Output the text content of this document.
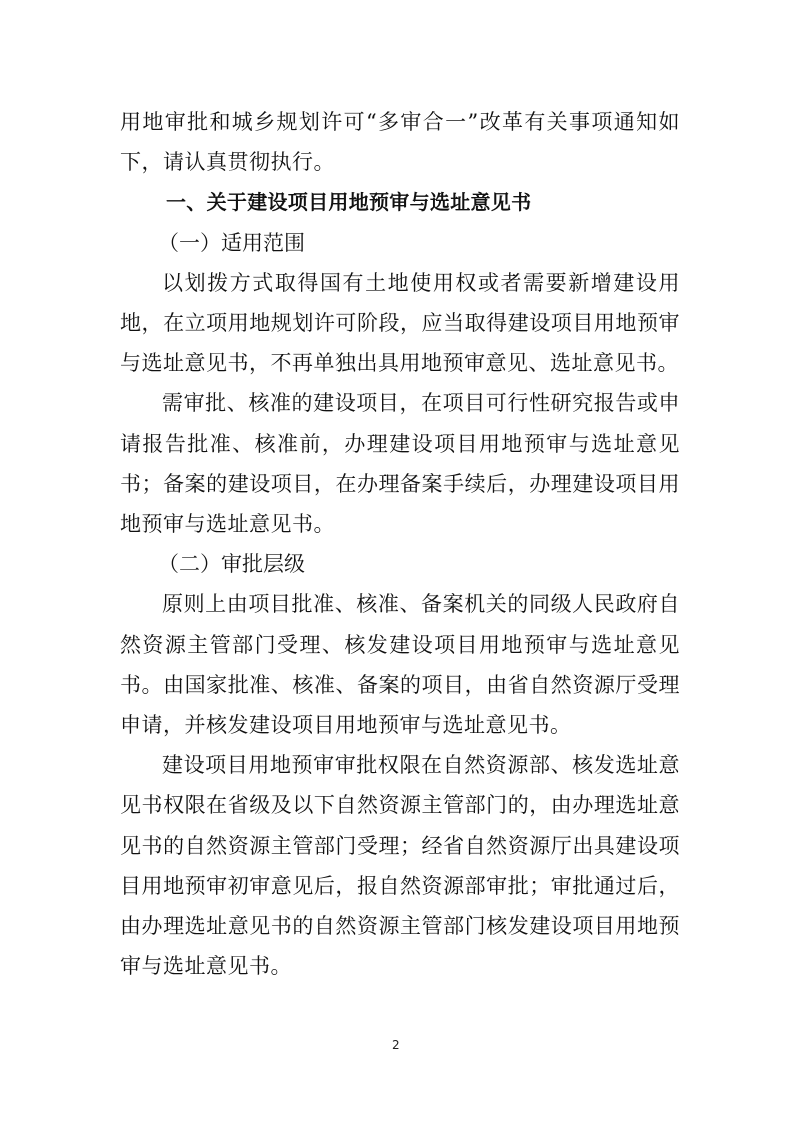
用地审批和城乡规划许可“多审合一”改革有关事项通知如下，请认真贯彻执行。

一、关于建设项目用地预审与选址意见书

（一）适用范围

以划拨方式取得国有土地使用权或者需要新增建设用地，在立项用地规划许可阶段，应当取得建设项目用地预审与选址意见书，不再单独出具用地预审意见、选址意见书。

需审批、核准的建设项目，在项目可行性研究报告或申请报告批准、核准前，办理建设项目用地预审与选址意见书；备案的建设项目，在办理备案手续后，办理建设项目用地预审与选址意见书。

（二）审批层级

原则上由项目批准、核准、备案机关的同级人民政府自然资源主管部门受理、核发建设项目用地预审与选址意见书。由国家批准、核准、备案的项目，由省自然资源厅受理申请，并核发建设项目用地预审与选址意见书。

建设项目用地预审审批权限在自然资源部、核发选址意见书权限在省级及以下自然资源主管部门的，由办理选址意见书的自然资源主管部门受理；经省自然资源厅出具建设项目用地预审初审意见后，报自然资源部审批；审批通过后，由办理选址意见书的自然资源主管部门核发建设项目用地预审与选址意见书。

2
